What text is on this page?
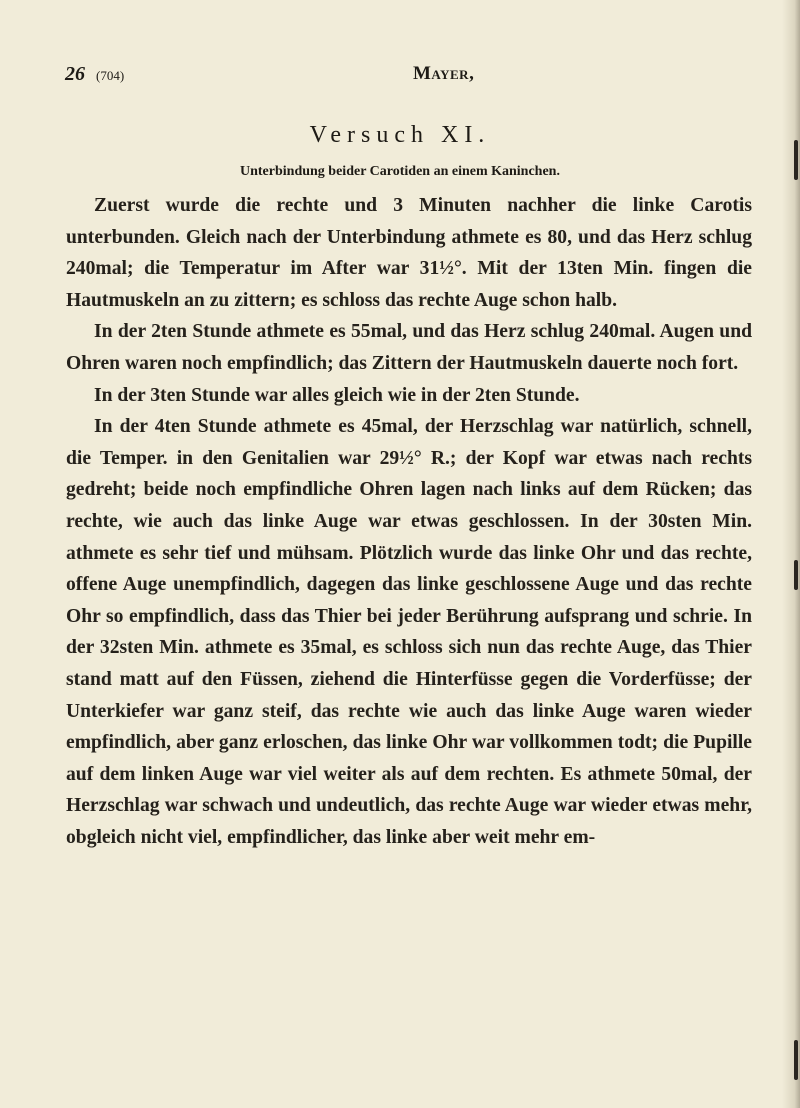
26 (704)	Mayer,
Versuch XI.
Unterbindung beider Carotiden an einem Kaninchen.

Zuerst wurde die rechte und 3 Minuten nachher die linke Carotis unterbunden. Gleich nach der Unterbindung athmete es 80, und das Herz schlug 240mal; die Temperatur im After war 31½°. Mit der 13ten Min. fingen die Hautmuskeln an zu zittern; es schloss das rechte Auge schon halb.

In der 2ten Stunde athmete es 55mal, und das Herz schlug 240mal. Augen und Ohren waren noch empfindlich; das Zittern der Hautmuskeln dauerte noch fort.

In der 3ten Stunde war alles gleich wie in der 2ten Stunde.

In der 4ten Stunde athmete es 45mal, der Herzschlag war natürlich, schnell, die Temper. in den Genitalien war 29½° R.; der Kopf war etwas nach rechts gedreht; beide noch empfindliche Ohren lagen nach links auf dem Rücken; das rechte, wie auch das linke Auge war etwas geschlossen. In der 30sten Min. athmete es sehr tief und mühsam. Plötzlich wurde das linke Ohr und das rechte, offene Auge unempfindlich, dagegen das linke geschlossene Auge und das rechte Ohr so empfindlich, dass das Thier bei jeder Berührung aufsprang und schrie. In der 32sten Min. athmete es 35mal, es schloss sich nun das rechte Auge, das Thier stand matt auf den Füssen, ziehend die Hinterfüsse gegen die Vorderfüsse; der Unterkiefer war ganz steif, das rechte wie auch das linke Auge waren wieder empfindlich, aber ganz erloschen, das linke Ohr war vollkommen todt; die Pupille auf dem linken Auge war viel weiter als auf dem rechten. Es athmete 50mal, der Herzschlag war schwach und undeutlich, das rechte Auge war wieder etwas mehr, obgleich nicht viel, empfindlicher, das linke aber weit mehr em-
